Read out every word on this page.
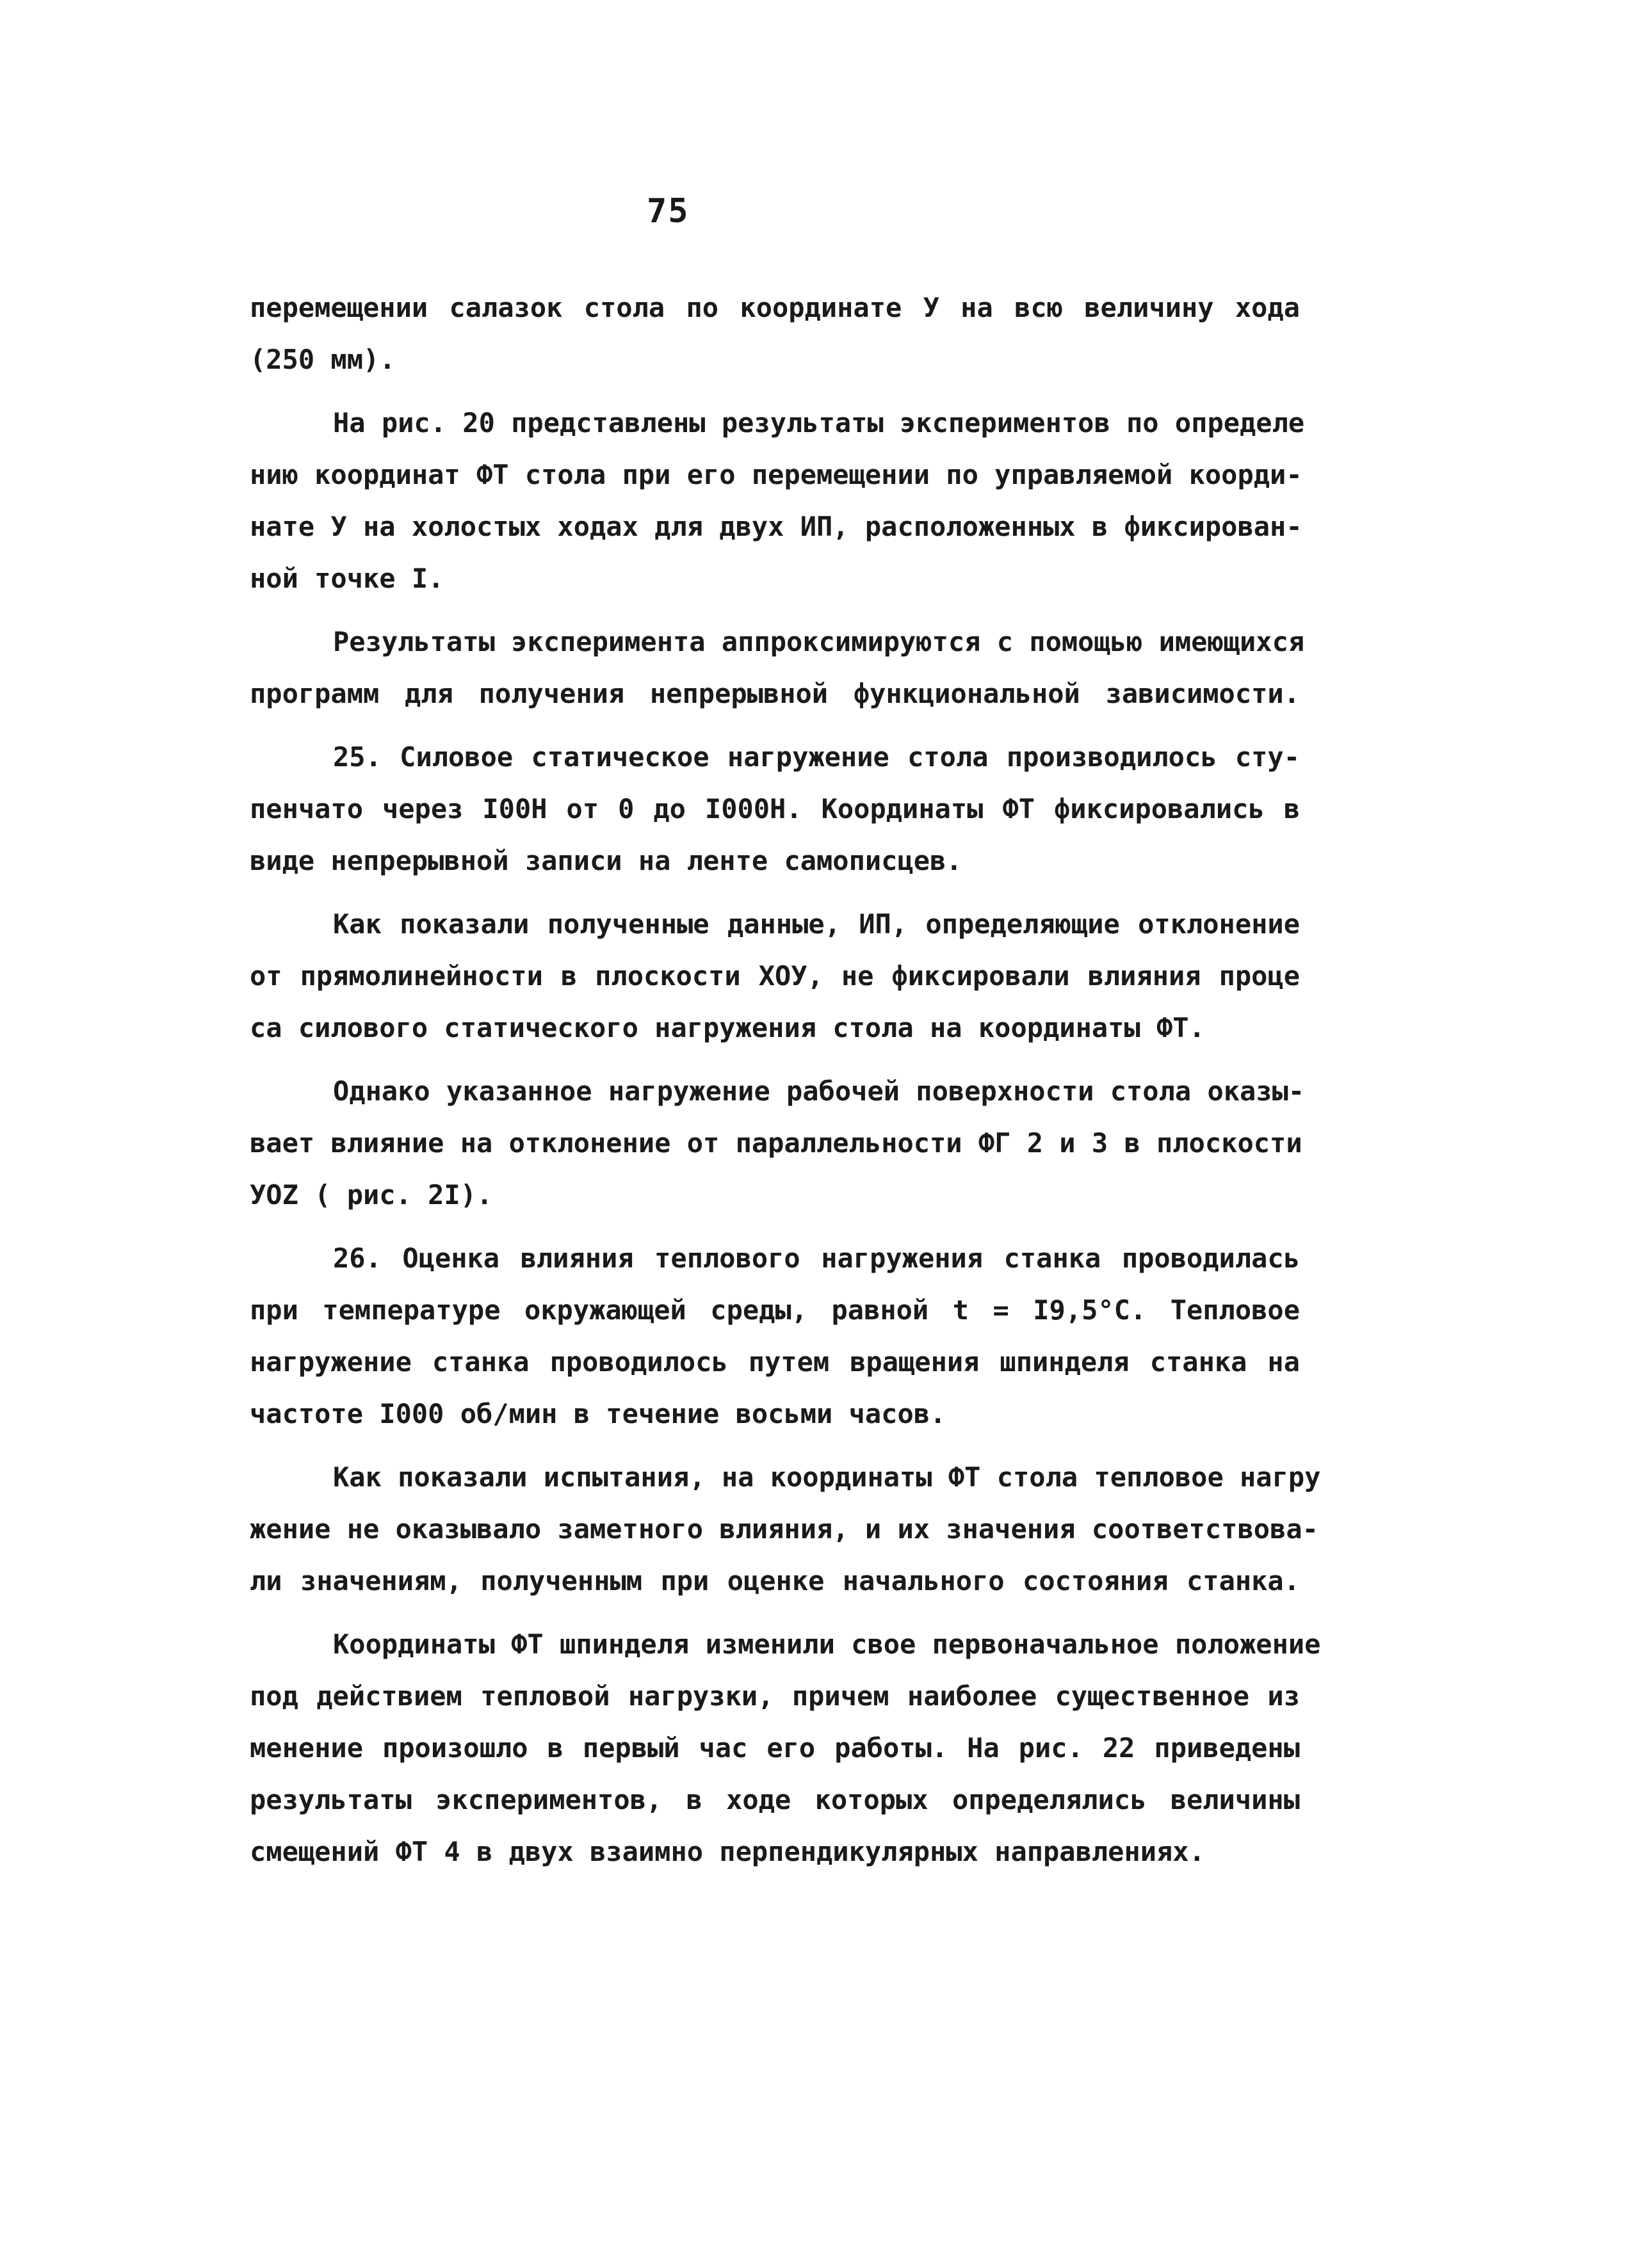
75
перемещении салазок стола по координате У на всю величину хода
(250 мм).
На рис. 20 представлены результаты экспериментов по определе
нию координат ФТ стола при его перемещении по управляемой коорди-
нате У на холостых ходах для двух ИП, расположенных в фиксирован-
ной точке I.
Результаты эксперимента аппроксимируются с помощью имеющихся
программ для получения непрерывной функциональной зависимости.
25. Силовое статическое нагружение стола производилось сту-
пенчато через I00Н от 0 до I000Н. Координаты ФТ фиксировались в
виде непрерывной записи на ленте самописцев.
Как показали полученные данные, ИП, определяющие отклонение
от прямолинейности в плоскости ХОУ, не фиксировали влияния проце
са силового статического нагружения стола на координаты ФТ.
Однако указанное нагружение рабочей поверхности стола оказы-
вает влияние на отклонение от параллельности ФГ 2 и 3 в плоскости
УОZ ( рис. 2I).
26. Оценка влияния теплового нагружения станка проводилась
при температуре окружающей среды, равной t = I9,5°C. Тепловое
нагружение станка проводилось путем вращения шпинделя станка на
частоте I000 об/мин в течение восьми часов.
Как показали испытания, на координаты ФТ стола тепловое нагру
жение не оказывало заметного влияния, и их значения соответствова-
ли значениям, полученным при оценке начального состояния станка.
Координаты ФТ шпинделя изменили свое первоначальное положение
под действием тепловой нагрузки, причем наиболее существенное из
менение произошло в первый час его работы. На рис. 22 приведены
результаты экспериментов, в ходе которых определялись величины
смещений ФТ 4 в двух взаимно перпендикулярных направлениях.
